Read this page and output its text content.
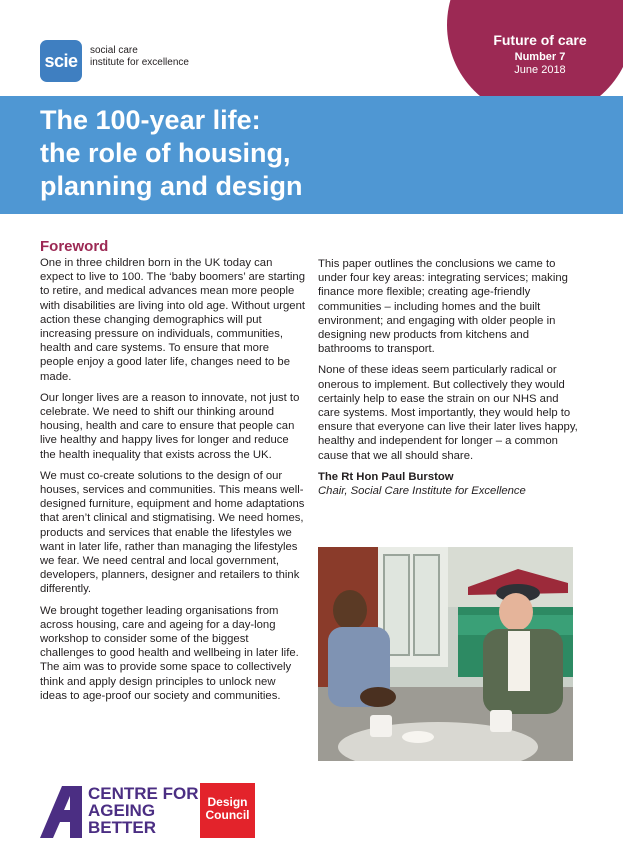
scie
social care
institute for excellence
Future of care
Number 7
June 2018
The 100-year life:
the role of housing,
planning and design
Foreword

One in three children born in the UK today can expect to live to 100. The ‘baby boomers’ are starting to retire, and medical advances mean more people with disabilities are living into old age. Without urgent action these changing demographics will put increasing pressure on individuals, communities, health and care systems. To ensure that more people enjoy a good later life, changes need to be made.

Our longer lives are a reason to innovate, not just to celebrate. We need to shift our thinking around housing, health and care to ensure that people can live healthy and happy lives for longer and reduce the health inequality that exists across the UK.

We must co-create solutions to the design of our houses, services and communities. This means well-designed furniture, equipment and home adaptations that aren’t clinical and stigmatising. We need homes, products and services that enable the lifestyles we want in later life, rather than managing the lifestyles we fear. We need central and local government, developers, planners, designer and retailers to think differently.

We brought together leading organisations from across housing, care and ageing for a day-long workshop to consider some of the biggest challenges to good health and wellbeing in later life. The aim was to provide some space to collectively think and apply design principles to unlock new ideas to age-proof our society and communities.

This paper outlines the conclusions we came to under four key areas: integrating services; making finance more flexible; creating age-friendly communities – including homes and the built environment; and engaging with older people in designing new products from kitchens and bathrooms to transport.

None of these ideas seem particularly radical or onerous to implement. But collectively they would certainly help to ease the strain on our NHS and care systems. Most importantly, they would help to ensure that everyone can live their later lives happy, healthy and independent for longer – a common cause that we all should share.

The Rt Hon Paul Burstow
Chair, Social Care Institute for Excellence
CENTRE FOR
AGEING
BETTER
Design
Council
